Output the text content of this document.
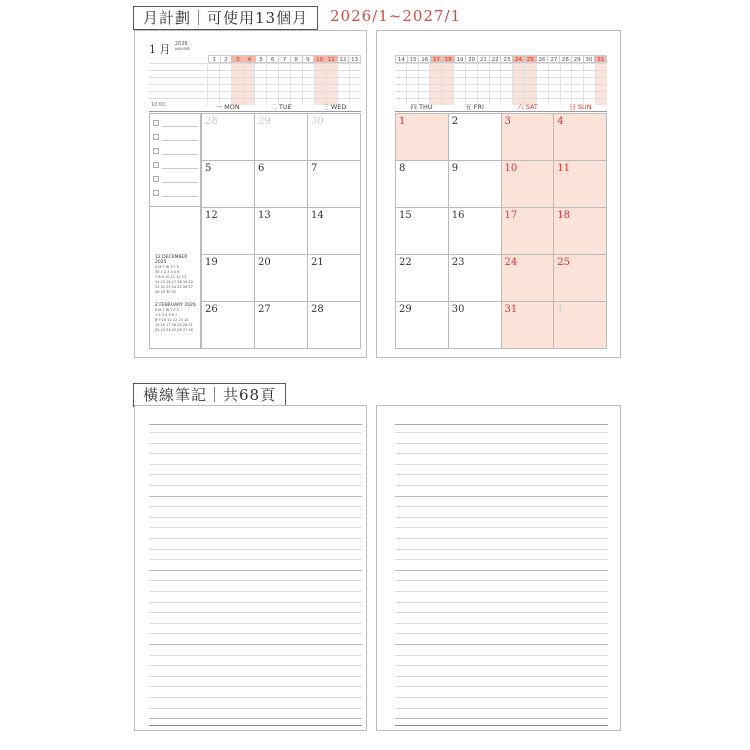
月計劃｜可使用13個月	2026/1~2027/1
1 月 2026
JANUARY
1	2	3	4	5	6	7	8	9	10 11 12 13
10:00	一 MON	二 TUE	三 WED
12 DECEMBER 2025
S M T W T F S
30 1 2 3 4 5 6
7 8 9 10 11 12 13
14 15 16 17 18 19 20
21 22 23 24 25 26 27
28 29 30 31
2 FEBRUARY 2026
S M T W T F S
1 2 3 4 5 6 7
8 9 10 11 12 13 14
15 16 17 18 19 20 21
22 23 24 25 26 27 28
28	29	30
5	6	7
12	13	14
19	20	21
26	27	28
14 15 16 17 18 19 20 21 22 23 24 25 26 27 28 29 30 31
四 THU	五 FRI	六 SAT	日 SUN
1	2	3	4
8	9	10	11
15	16	17	18
22	23	24	25
29	30	31	1
橫線筆記｜共68頁
